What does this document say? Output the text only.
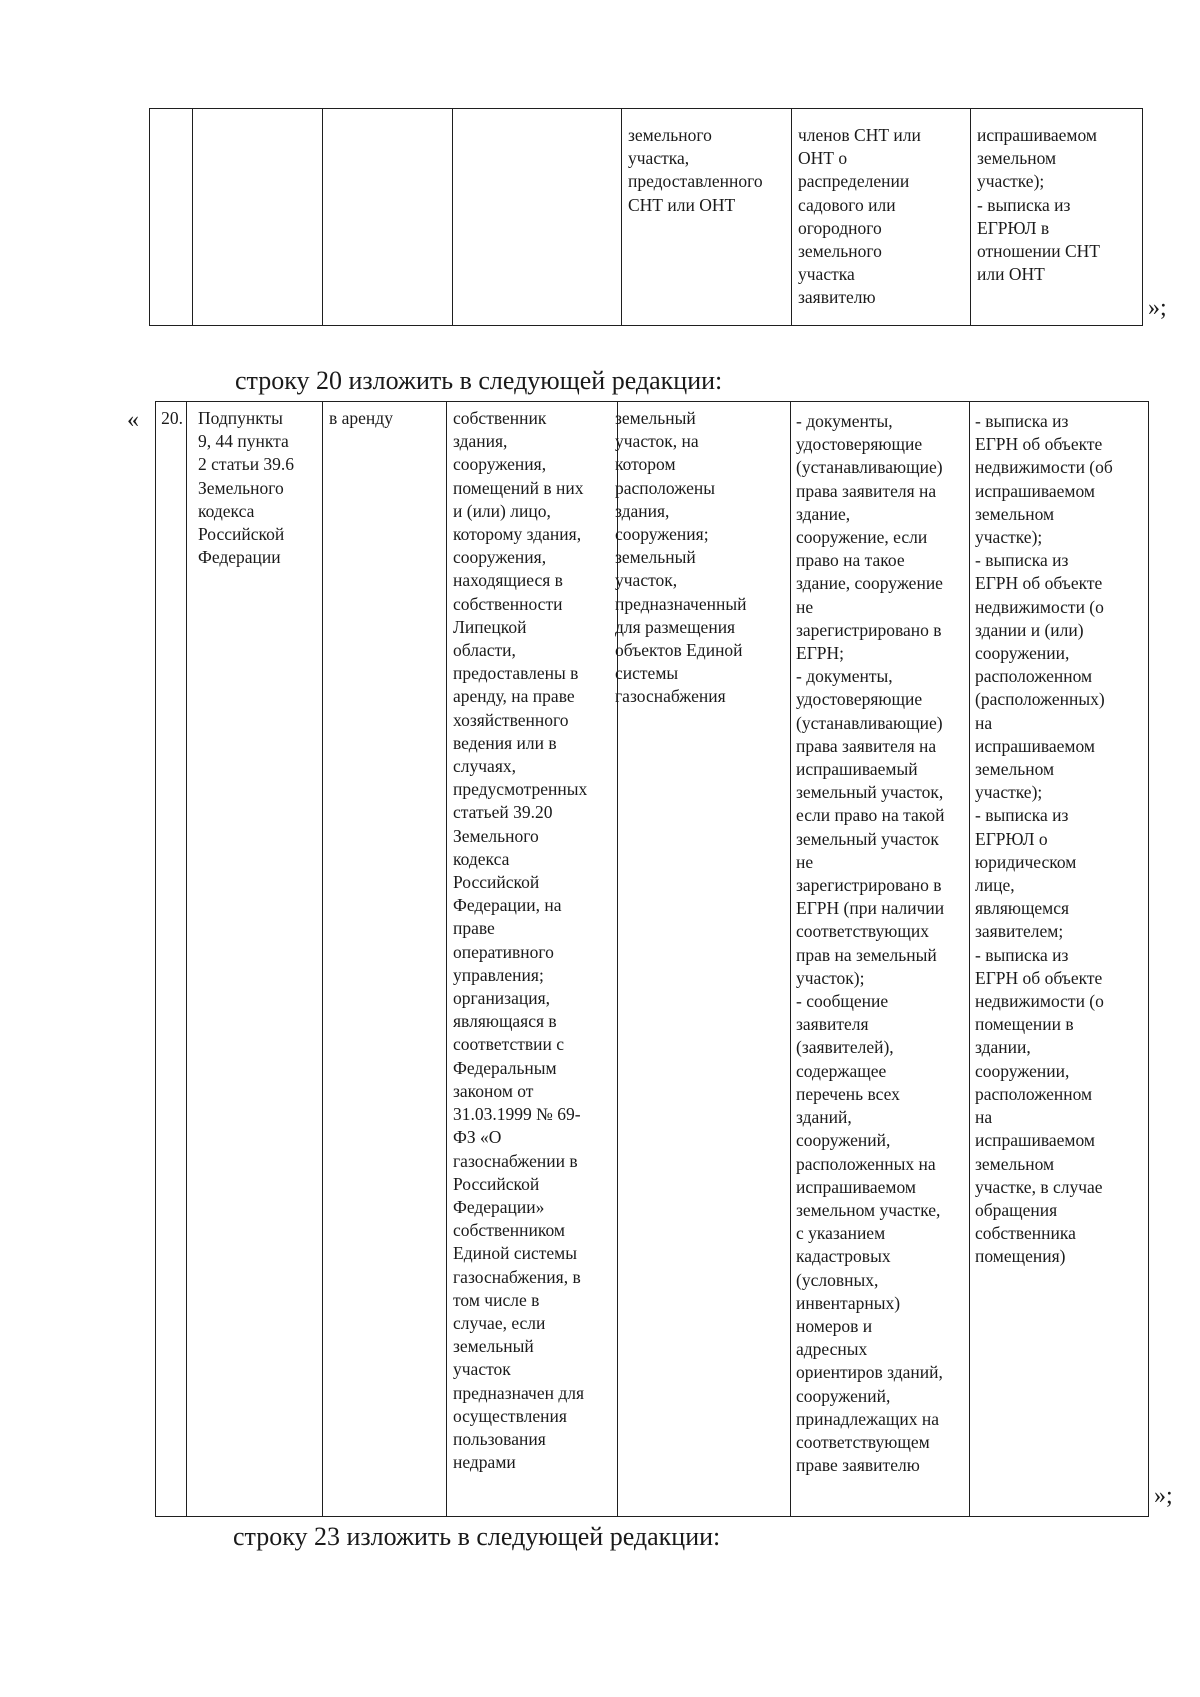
земельного
участка,
предоставленного
СНТ или ОНТ
членов СНТ или
ОНТ о
распределении
садового или
огородного
земельного
участка
заявителю
испрашиваемом
земельном
участке);
- выписка из
ЕГРЮЛ в
отношении СНТ
или ОНТ
»;
строку 20 изложить в следующей редакции:
« 20. Подпункты
9, 44 пункта
2 статьи 39.6
Земельного
кодекса
Российской
Федерации
в аренду	собственник
здания,
сооружения,
помещений в них
и (или) лицо,
которому здания,
сооружения,
находящиеся в
собственности
Липецкой
области,
предоставлены в
аренду, на праве
хозяйственного
ведения или в
случаях,
предусмотренных
статьей 39.20
Земельного
кодекса
Российской
Федерации, на
праве
оперативного
управления;
организация,
являющаяся в
соответствии с
Федеральным
законом от
31.03.1999 № 69-
ФЗ «О
газоснабжении в
Российской
Федерации»
собственником
Единой системы
газоснабжения, в
том числе в
случае, если
земельный
участок
предназначен для
осуществления
пользования
недрами
земельный
участок, на
котором
расположены
здания,
сооружения;
земельный
участок,
предназначенный
для размещения
объектов Единой
системы
газоснабжения
- документы,
удостоверяющие
(устанавливающие)
права заявителя на
здание,
сооружение, если
право на такое
здание, сооружение
не
зарегистрировано в
ЕГРН;
- документы,
удостоверяющие
(устанавливающие)
права заявителя на
испрашиваемый
земельный участок,
если право на такой
земельный участок
не
зарегистрировано в
ЕГРН (при наличии
соответствующих
прав на земельный
участок);
- сообщение
заявителя
(заявителей),
содержащее
перечень всех
зданий,
сооружений,
расположенных на
испрашиваемом
земельном участке,
с указанием
кадастровых
(условных,
инвентарных)
номеров и
адресных
ориентиров зданий,
сооружений,
принадлежащих на
соответствующем
праве заявителю
- выписка из
ЕГРН об объекте
недвижимости (об
испрашиваемом
земельном
участке);
- выписка из
ЕГРН об объекте
недвижимости (о
здании и (или)
сооружении,
расположенном
(расположенных)
на
испрашиваемом
земельном
участке);
- выписка из
ЕГРЮЛ о
юридическом
лице,
являющемся
заявителем;
- выписка из
ЕГРН об объекте
недвижимости (о
помещении в
здании,
сооружении,
расположенном
на
испрашиваемом
земельном
участке, в случае
обращения
собственника
помещения)
»;
строку 23 изложить в следующей редакции:
